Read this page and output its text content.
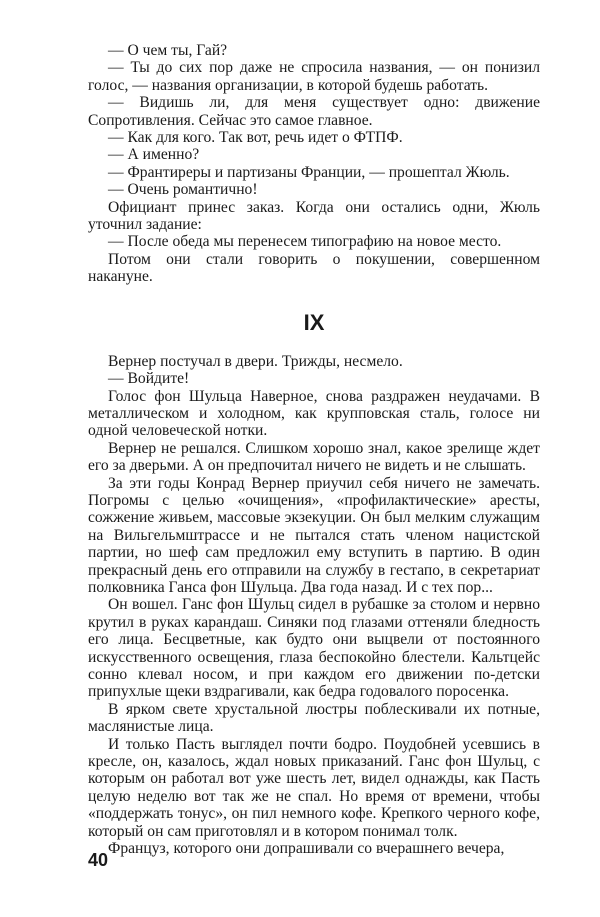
— О чем ты, Гай?

— Ты до сих пор даже не спросила названия, — он понизил голос, — названия организации, в которой будешь работать.

— Видишь ли, для меня существует одно: движение Сопротивления. Сейчас это самое главное.

— Как для кого. Так вот, речь идет о ФТПФ.

— А именно?

— Франтиреры и партизаны Франции, — прошептал Жюль.

— Очень романтично!

Официант принес заказ. Когда они остались одни, Жюль уточнил задание:

— После обеда мы перенесем типографию на новое место.

Потом они стали говорить о покушении, совершенном накануне.

IX

Вернер постучал в двери. Трижды, несмело.

— Войдите!

Голос фон Шульца Наверное, снова раздражен неудачами. В металлическом и холодном, как крупповская сталь, голосе ни одной человеческой нотки.

Вернер не решался. Слишком хорошо знал, какое зрелище ждет его за дверьми. А он предпочитал ничего не видеть и не слышать.

За эти годы Конрад Вернер приучил себя ничего не замечать. Погромы с целью «очищения», «профилактические» аресты, сожжение живьем, массовые экзекуции. Он был мелким служащим на Вильгельмштрассе и не пытался стать членом нацистской партии, но шеф сам предложил ему вступить в партию. В один прекрасный день его отправили на службу в гестапо, в секретариат полковника Ганса фон Шульца. Два года назад. И с тех пор...

Он вошел. Ганс фон Шульц сидел в рубашке за столом и нервно крутил в руках карандаш. Синяки под глазами оттеняли бледность его лица. Бесцветные, как будто они выцвели от постоянного искусственного освещения, глаза беспокойно блестели. Кальтцейс сонно клевал носом, и при каждом его движении по-детски припухлые щеки вздрагивали, как бедра годовалого поросенка.

В ярком свете хрустальной люстры поблескивали их потные, маслянистые лица.

И только Пасть выглядел почти бодро. Поудобней усевшись в кресле, он, казалось, ждал новых приказаний. Ганс фон Шульц, с которым он работал вот уже шесть лет, видел однажды, как Пасть целую неделю вот так же не спал. Но время от времени, чтобы «поддержать тонус», он пил немного кофе. Крепкого черного кофе, который он сам приготовлял и в котором понимал толк.

Француз, которого они допрашивали со вчерашнего вечера,

40
